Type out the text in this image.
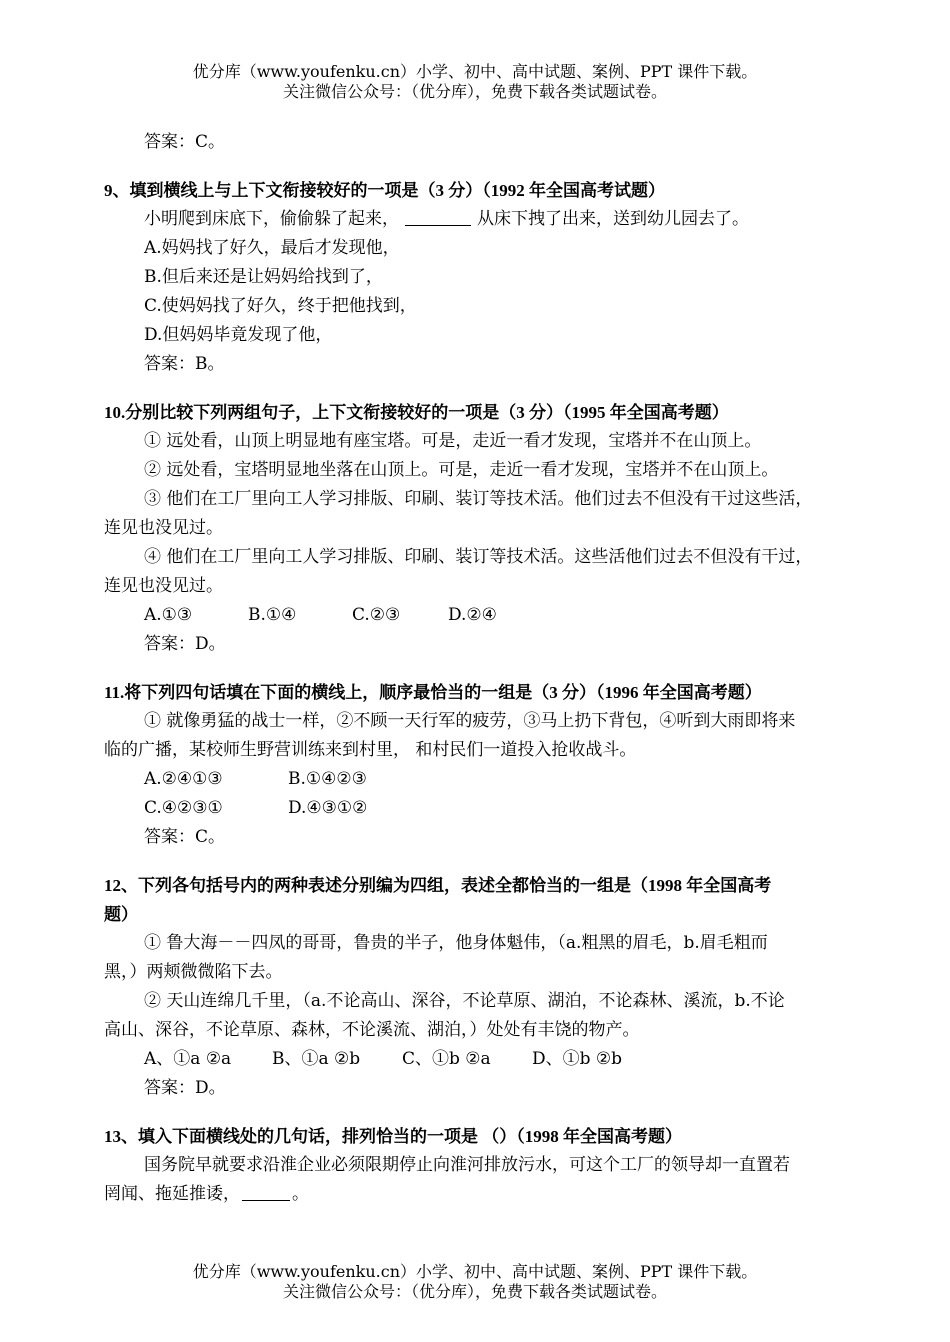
优分库（www.youfenku.cn）小学、初中、高中试题、案例、PPT 课件下载。
关注微信公众号：（优分库），免费下载各类试题试卷。
答案：C。
9、填到横线上与上下文衔接较好的一项是（3 分）（1992 年全国高考试题）
小明爬到床底下，偷偷躲了起来，	从床下拽了出来，送到幼儿园去了。
A.妈妈找了好久，最后才发现他，
B.但后来还是让妈妈给找到了，
C.使妈妈找了好久，终于把他找到，
D.但妈妈毕竟发现了他，
答案：B。
10.分别比较下列两组句子，上下文衔接较好的一项是（3 分）（1995 年全国高考题）
① 远处看，山顶上明显地有座宝塔。可是，走近一看才发现，宝塔并不在山顶上。
② 远处看，宝塔明显地坐落在山顶上。可是，走近一看才发现，宝塔并不在山顶上。
③ 他们在工厂里向工人学习排版、印刷、装订等技术活。他们过去不但没有干过这些活，
连见也没见过。
④ 他们在工厂里向工人学习排版、印刷、装订等技术活。这些活他们过去不但没有干过，
连见也没见过。
A.①③	B.①④	C.②③	D.②④
答案：D。
11.将下列四句话填在下面的横线上，顺序最恰当的一组是（3 分）（1996 年全国高考题）
① 就像勇猛的战士一样，②不顾一天行军的疲劳，③马上扔下背包，④听到大雨即将来
临的广播，某校师生野营训练来到村里， 和村民们一道投入抢收战斗。
A.②④①③	B.①④②③
C.④②③①	D.④③①②
答案：C。
12、下列各句括号内的两种表述分别编为四组，表述全都恰当的一组是（1998 年全国高考
题）
① 鲁大海－－四凤的哥哥，鲁贵的半子，他身体魁伟，（a.粗黑的眉毛，b.眉毛粗而
黑，）两颊微微陷下去。
② 天山连绵几千里，（a.不论高山、深谷，不论草原、湖泊，不论森林、溪流，b.不论
高山、深谷，不论草原、森林，不论溪流、湖泊，）处处有丰饶的物产。
A、①a ②a B、①a ②b C、①b ②a D、①b ②b
答案：D。
13、填入下面横线处的几句话，排列恰当的一项是 （）（1998 年全国高考题）
国务院早就要求沿淮企业必须限期停止向淮河排放污水，可这个工厂的领导却一直置若
罔闻、拖延推诿，	。
优分库（www.youfenku.cn）小学、初中、高中试题、案例、PPT 课件下载。
关注微信公众号：（优分库），免费下载各类试题试卷。
